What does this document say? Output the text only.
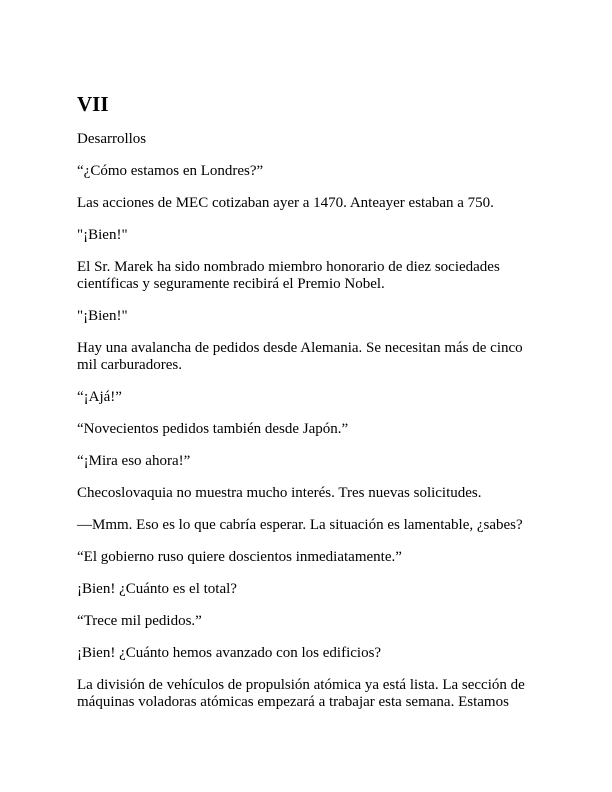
VII

Desarrollos

“¿Cómo estamos en Londres?”

Las acciones de MEC cotizaban ayer a 1470. Anteayer estaban a 750.

"¡Bien!"

El Sr. Marek ha sido nombrado miembro honorario de diez sociedades científicas y seguramente recibirá el Premio Nobel.

"¡Bien!"

Hay una avalancha de pedidos desde Alemania. Se necesitan más de cinco mil carburadores.

“¡Ajá!”

“Novecientos pedidos también desde Japón.”

“¡Mira eso ahora!”

Checoslovaquia no muestra mucho interés. Tres nuevas solicitudes.

—Mmm. Eso es lo que cabría esperar. La situación es lamentable, ¿sabes?

“El gobierno ruso quiere doscientos inmediatamente.”

¡Bien! ¿Cuánto es el total?

“Trece mil pedidos.”

¡Bien! ¿Cuánto hemos avanzado con los edificios?

La división de vehículos de propulsión atómica ya está lista. La sección de máquinas voladoras atómicas empezará a trabajar esta semana. Estamos
